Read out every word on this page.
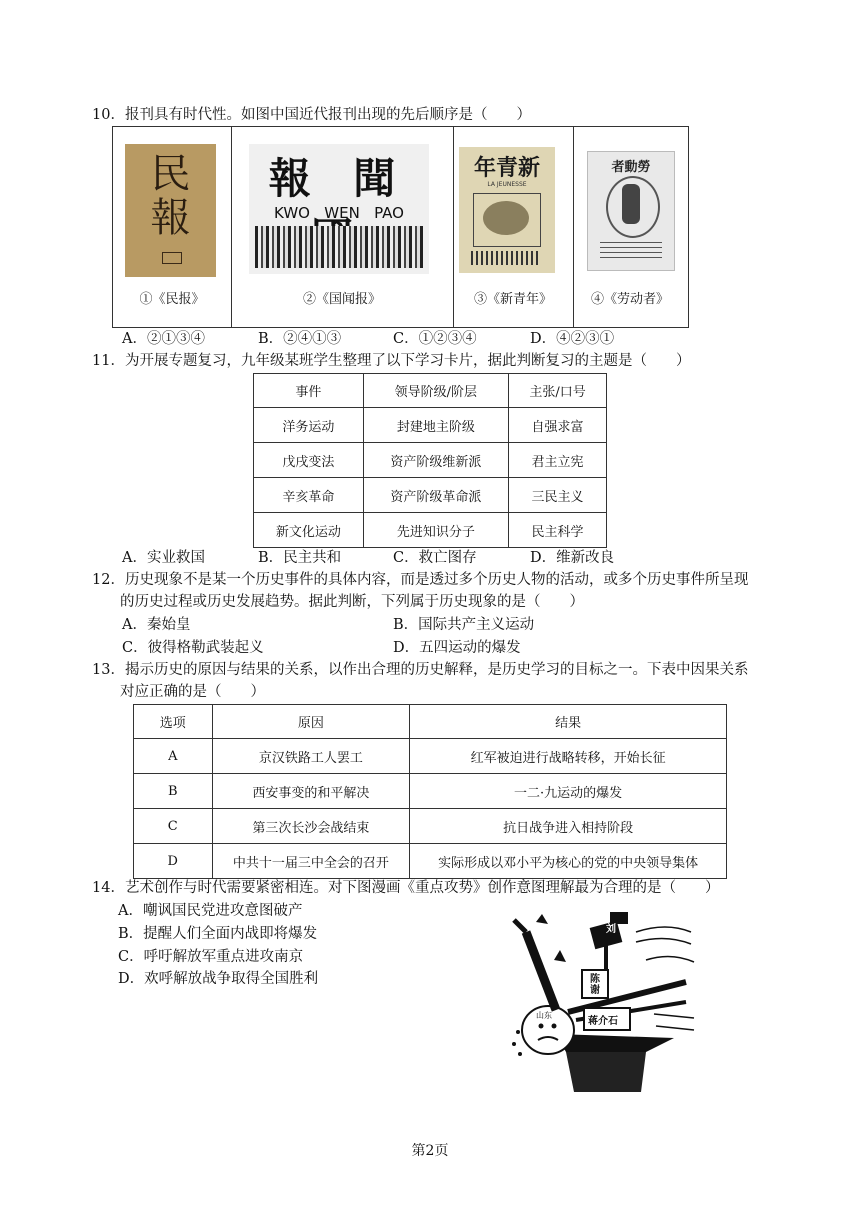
10．报刊具有时代性。如图中国近代报刊出现的先后顺序是（　　）
民
報
①《民报》
報 聞
KWO   WEN   PAO
②《国闻报》
年青新
LA JEUNESSE
③《新青年》
者動勞
④《劳动者》
A．②①③④	B．②④①③	C．①②③④	D．④②③①
11．为开展专题复习，九年级某班学生整理了以下学习卡片，据此判断复习的主题是（　　）
事件	领导阶级/阶层	主张/口号
洋务运动	封建地主阶级	自强求富
戊戌变法	资产阶级维新派	君主立宪
辛亥革命	资产阶级革命派	三民主义
新文化运动	先进知识分子	民主科学
A．实业救国	B．民主共和	C．救亡图存	D．维新改良
12．历史现象不是某一个历史事件的具体内容，而是透过多个历史人物的活动，或多个历史事件所呈现
的历史过程或历史发展趋势。据此判断，下列属于历史现象的是（　　）
A．秦始皇	B．国际共产主义运动
C．彼得格勒武装起义	D．五四运动的爆发
13．揭示历史的原因与结果的关系，以作出合理的历史解释，是历史学习的目标之一。下表中因果关系
对应正确的是（　　）
选项	原因	结果
A	京汉铁路工人罢工	红军被迫进行战略转移，开始长征
B	西安事变的和平解决	一二·九运动的爆发
C	第三次长沙会战结束	抗日战争进入相持阶段
D	中共十一届三中全会的召开	实际形成以邓小平为核心的党的中央领导集体
14．艺术创作与时代需要紧密相连。对下图漫画《重点攻势》创作意图理解最为合理的是（　　）
A．嘲讽国民党进攻意图破产
B．提醒人们全面内战即将爆发
C．呼吁解放军重点进攻南京
D．欢呼解放战争取得全国胜利
刘
陈谢
蒋介石
山东
第2页
